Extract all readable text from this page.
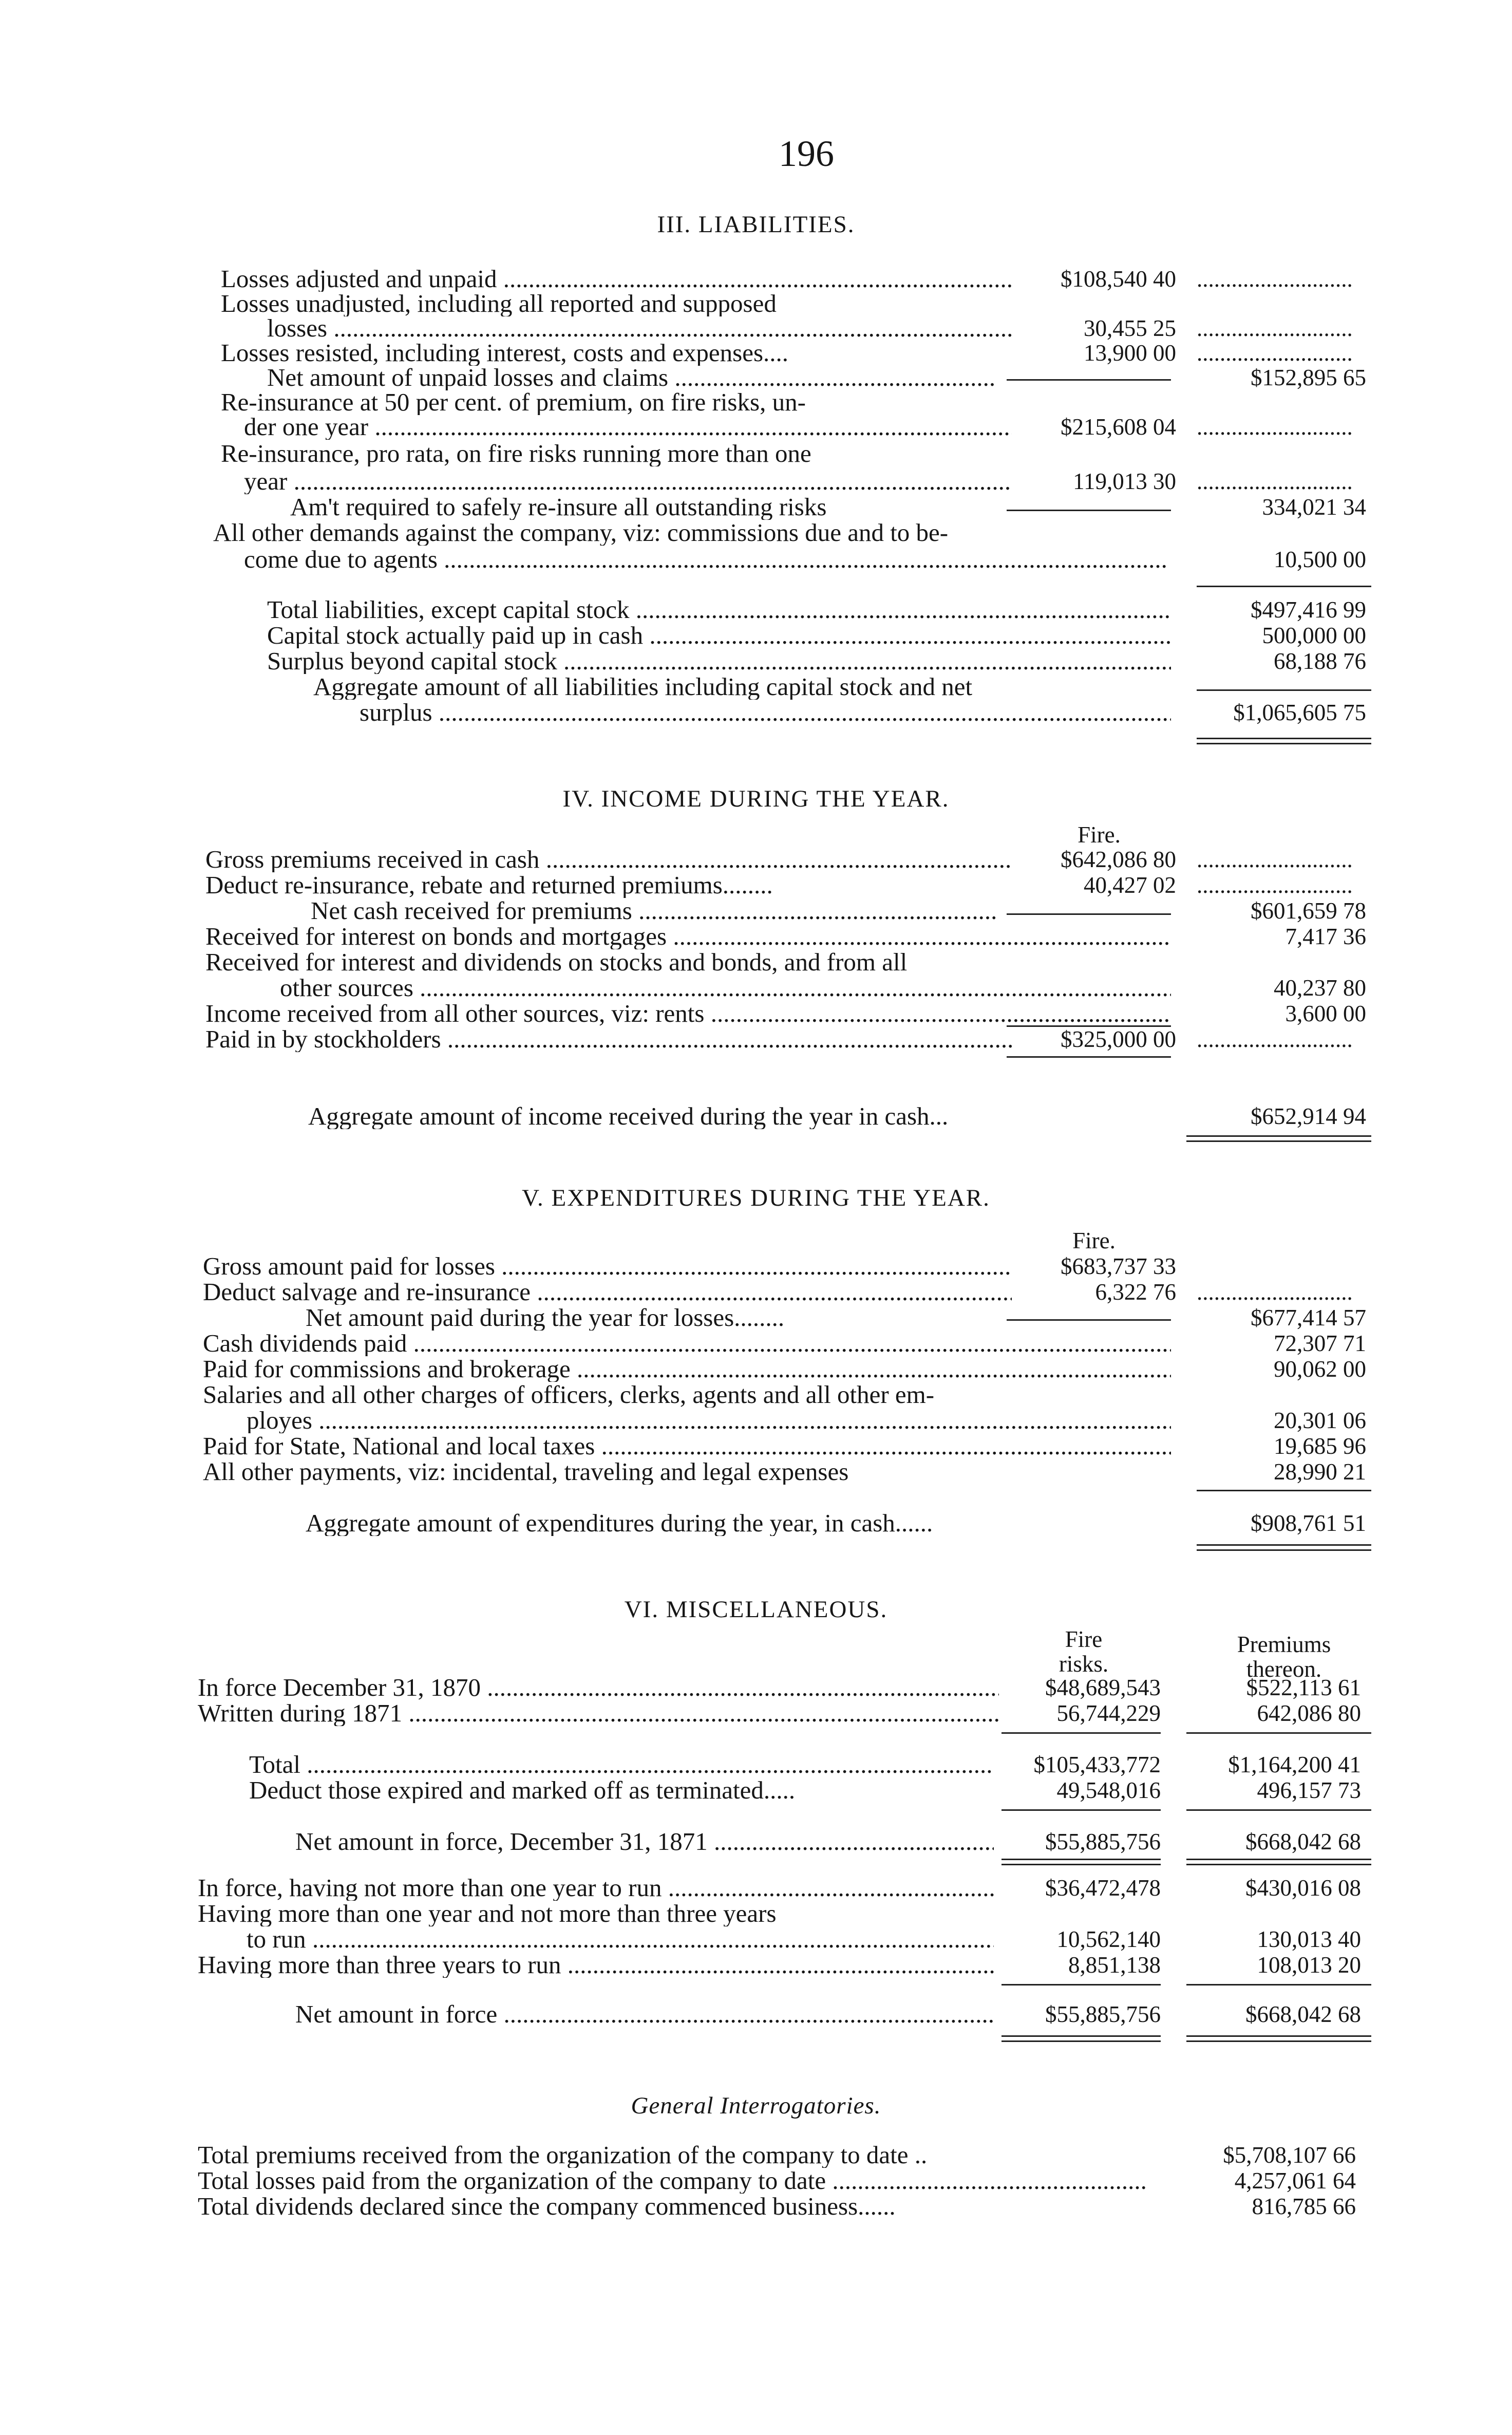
196
III. LIABILITIES.
Losses adjusted and unpaid .....	$108,540 40 ...........................
Losses unadjusted, including all reported and supposed
losses .....	30,455 25 ...........................
Losses resisted, including interest, costs and expenses....	13,900 00 ...........................
Net amount of unpaid losses and claims .....	$152,895 65
Re-insurance at 50 per cent. of premium, on fire risks, un-
der one year .....	$215,608 04 ...........................
Re-insurance, pro rata, on fire risks running more than one
year .....	119,013 30 ...........................
Am't required to safely re-insure all outstanding risks	334,021 34
All other demands against the company, viz: commissions due and to be-
come due to agents .....	10,500 00
Total liabilities, except capital stock .....	$497,416 99
Capital stock actually paid up in cash .....	500,000 00
Surplus beyond capital stock .....	68,188 76
Aggregate amount of all liabilities including capital stock and net
surplus .....	$1,065,605 75
IV. INCOME DURING THE YEAR.
Fire.
Gross premiums received in cash .....	$642,086 80 ...........................
Deduct re-insurance, rebate and returned premiums........	40,427 02 ...........................
Net cash received for premiums .....	$601,659 78
Received for interest on bonds and mortgages .....	7,417 36
Received for interest and dividends on stocks and bonds, and from all
other sources .....	40,237 80
Income received from all other sources, viz: rents .....	3,600 00
Paid in by stockholders .....	$325,000 00 ...........................
Aggregate amount of income received during the year in cash...	$652,914 94
V. EXPENDITURES DURING THE YEAR.
Fire.
Gross amount paid for losses .....	$683,737 33
Deduct salvage and re-insurance .....	6,322 76 ...........................
Net amount paid during the year for losses........	$677,414 57
Cash dividends paid .....	72,307 71
Paid for commissions and brokerage .....	90,062 00
Salaries and all other charges of officers, clerks, agents and all other em-
ployes .....	20,301 06
Paid for State, National and local taxes .....	19,685 96
All other payments, viz: incidental, traveling and legal expenses	28,990 21
Aggregate amount of expenditures during the year, in cash......	$908,761 51
VI. MISCELLANEOUS.
Fire
risks.
Premiums
thereon.
In force December 31, 1870 .....	$48,689,543	$522,113 61
Written during 1871 .....	56,744,229	642,086 80
Total .....	$105,433,772	$1,164,200 41
Deduct those expired and marked off as terminated.....	49,548,016	496,157 73
Net amount in force, December 31, 1871 .....	$55,885,756	$668,042 68
In force, having not more than one year to run .....	$36,472,478	$430,016 08
Having more than one year and not more than three years
to run .....	10,562,140	130,013 40
Having more than three years to run .....	8,851,138	108,013 20
Net amount in force .....	$55,885,756	$668,042 68
General Interrogatories.
Total premiums received from the organization of the company to date ..	$5,708,107 66
Total losses paid from the organization of the company to date .....	4,257,061 64
Total dividends declared since the company commenced business......	816,785 66
